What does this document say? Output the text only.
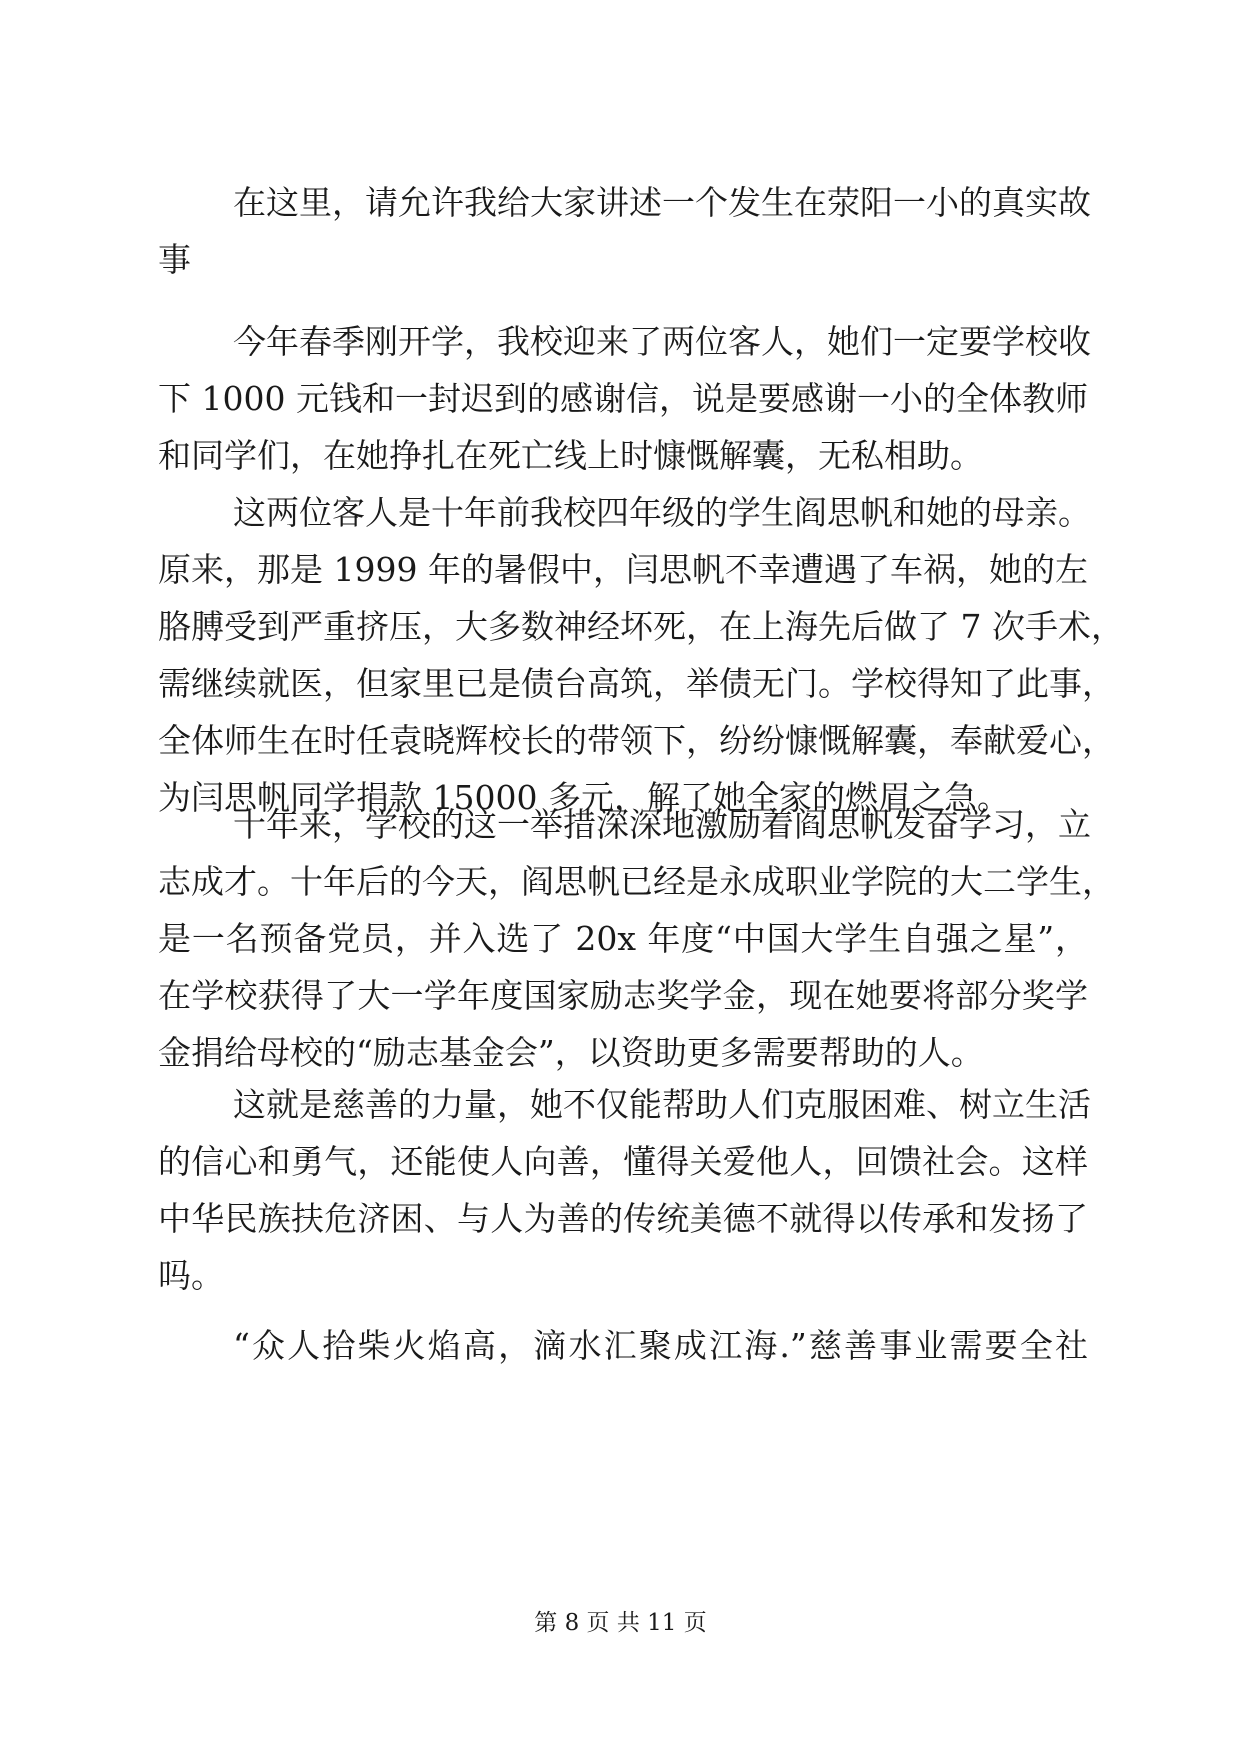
在这里，请允许我给大家讲述一个发生在荥阳一小的真实故
事
今年春季刚开学，我校迎来了两位客人，她们一定要学校收
下 1000 元钱和一封迟到的感谢信，说是要感谢一小的全体教师
和同学们，在她挣扎在死亡线上时慷慨解囊，无私相助。
这两位客人是十年前我校四年级的学生阎思帆和她的母亲。
原来，那是 1999 年的暑假中，闫思帆不幸遭遇了车祸，她的左
胳膊受到严重挤压，大多数神经坏死，在上海先后做了 7 次手术，
需继续就医，但家里已是债台高筑，举债无门。学校得知了此事，
全体师生在时任袁晓辉校长的带领下，纷纷慷慨解囊，奉献爱心，
为闫思帆同学捐款 15000 多元，解了她全家的燃眉之急。
十年来，学校的这一举措深深地激励着阎思帆发奋学习，立
志成才。十年后的今天，阎思帆已经是永成职业学院的大二学生，
是一名预备党员，并入选了 20x 年度“中国大学生自强之星”，
在学校获得了大一学年度国家励志奖学金，现在她要将部分奖学
金捐给母校的“励志基金会”，以资助更多需要帮助的人。
这就是慈善的力量，她不仅能帮助人们克服困难、树立生活
的信心和勇气，还能使人向善，懂得关爱他人，回馈社会。这样
中华民族扶危济困、与人为善的传统美德不就得以传承和发扬了
吗。
“众人拾柴火焰高，滴水汇聚成江海.”慈善事业需要全社
第 8 页 共 11 页
